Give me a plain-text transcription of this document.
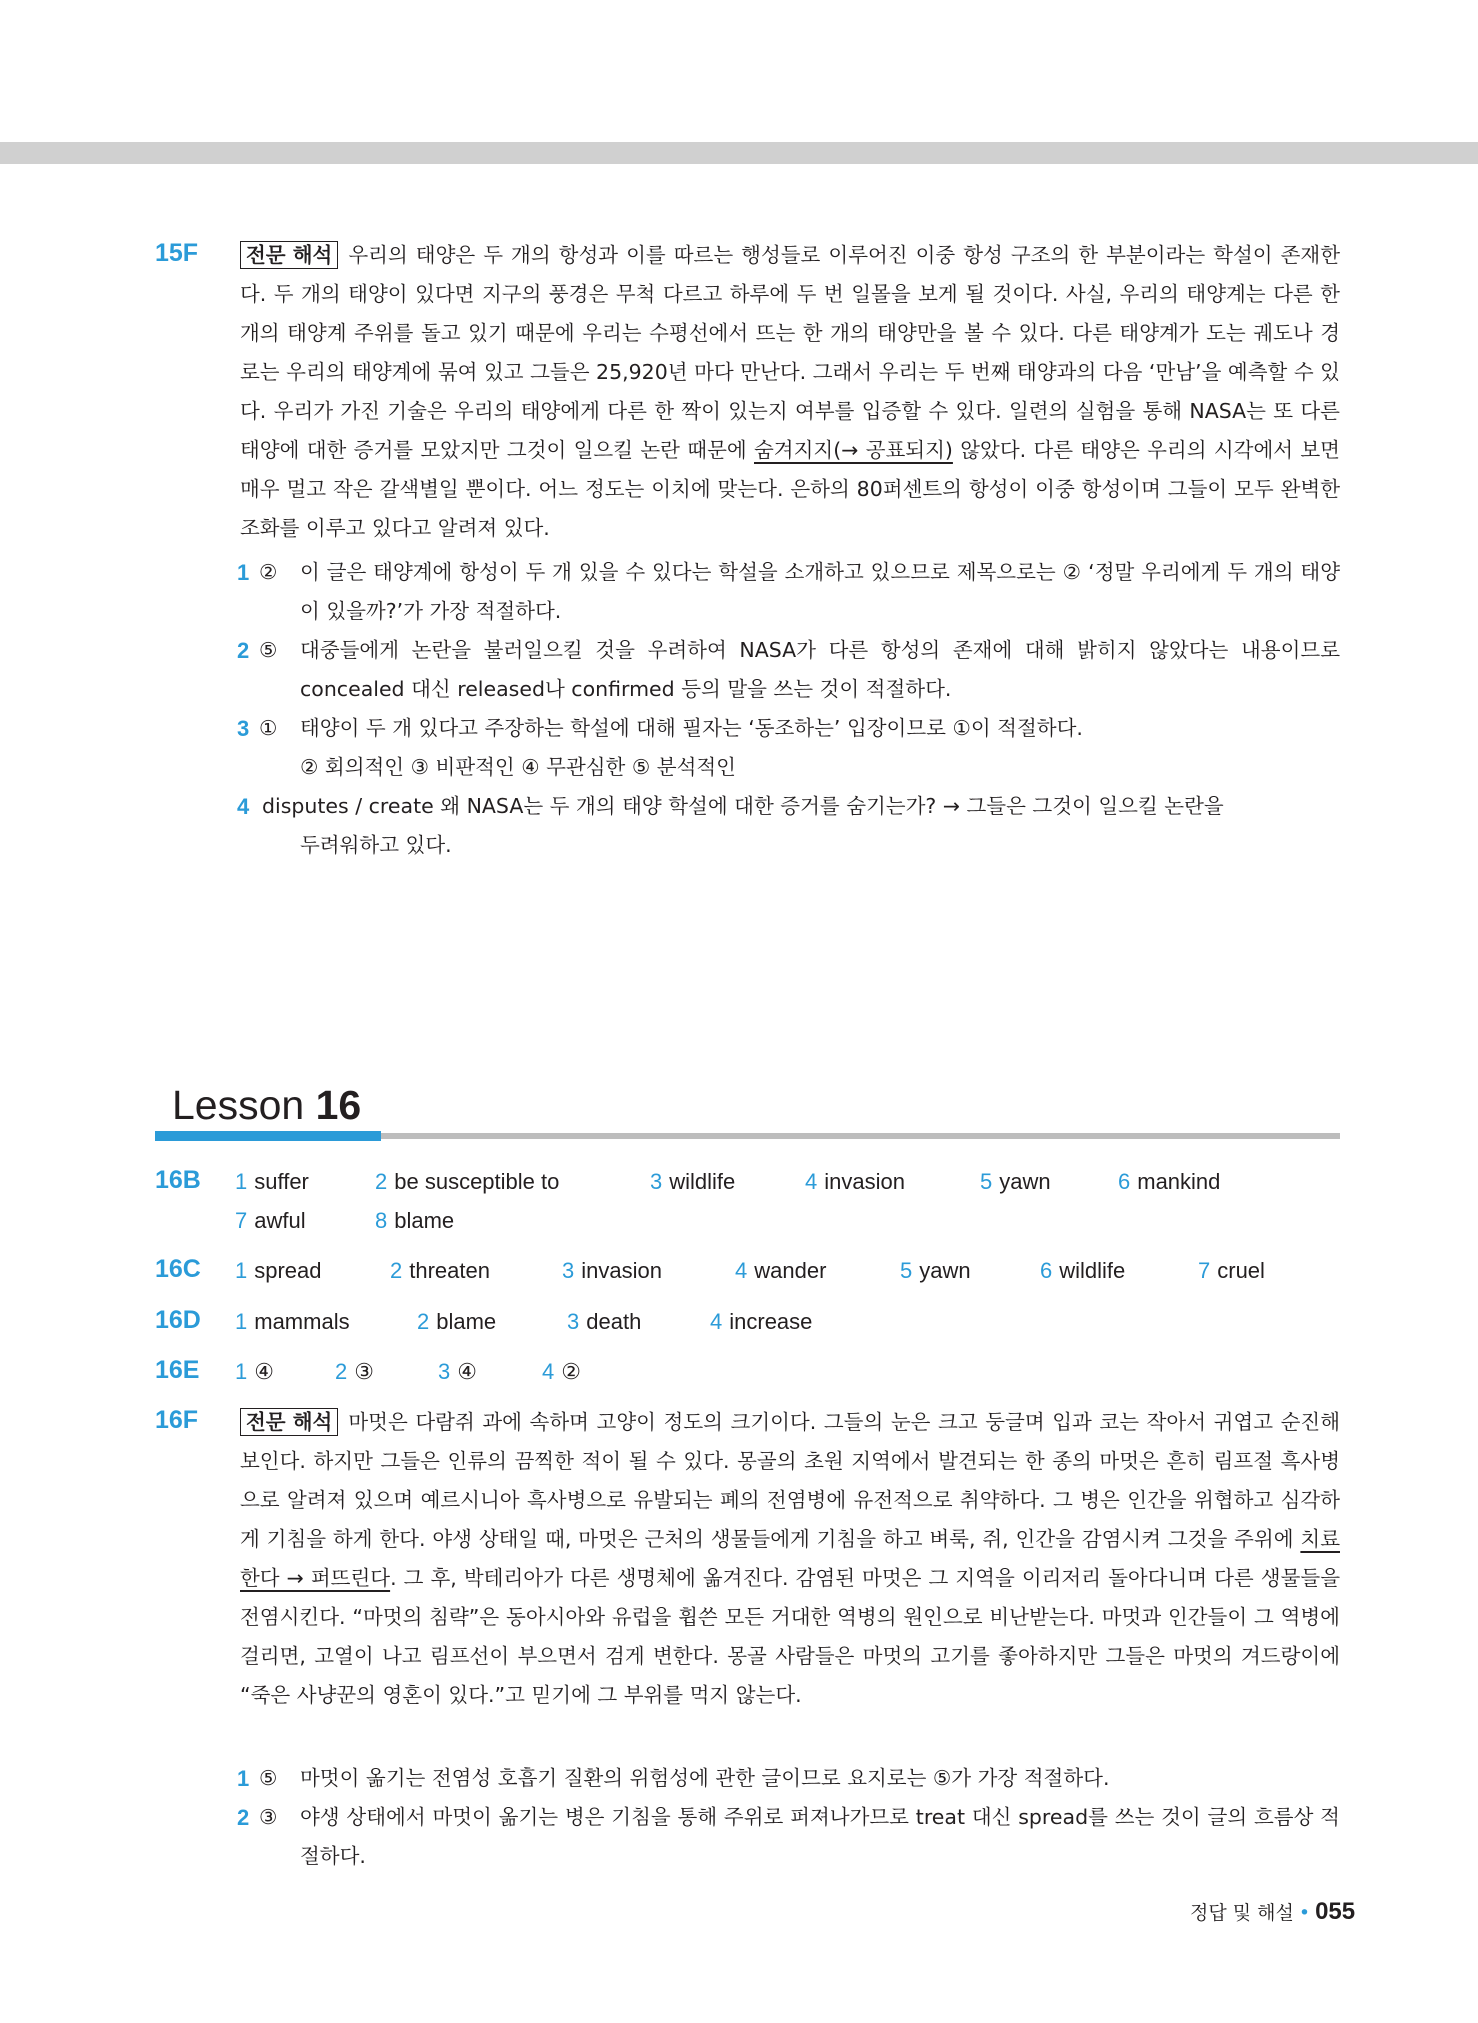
15F 전문 해석 우리의 태양은 두 개의 항성과 이를 따르는 행성들로 이루어진 이중 항성 구조의 한 부분이라는 학설이 존재한다. 두 개의 태양이 있다면 지구의 풍경은 무척 다르고 하루에 두 번 일몰을 보게 될 것이다. 사실, 우리의 태양계는 다른 한 개의 태양계 주위를 돌고 있기 때문에 우리는 수평선에서 뜨는 한 개의 태양만을 볼 수 있다. 다른 태양계가 도는 궤도나 경로는 우리의 태양계에 묶여 있고 그들은 25,920년 마다 만난다. 그래서 우리는 두 번째 태양과의 다음 ‘만남’을 예측할 수 있다. 우리가 가진 기술은 우리의 태양에게 다른 한 짝이 있는지 여부를 입증할 수 있다. 일련의 실험을 통해 NASA는 또 다른 태양에 대한 증거를 모았지만 그것이 일으킬 논란 때문에 숨겨지지(→ 공표되지) 않았다. 다른 태양은 우리의 시각에서 보면 매우 멀고 작은 갈색별일 뿐이다. 어느 정도는 이치에 맞는다. 은하의 80퍼센트의 항성이 이중 항성이며 그들이 모두 완벽한 조화를 이루고 있다고 알려져 있다.

1 ② 이 글은 태양계에 항성이 두 개 있을 수 있다는 학설을 소개하고 있으므로 제목으로는 ② ‘정말 우리에게 두 개의 태양이 있을까?’가 가장 적절하다.

2 ⑤ 대중들에게 논란을 불러일으킬 것을 우려하여 NASA가 다른 항성의 존재에 대해 밝히지 않았다는 내용이므로 concealed 대신 released나 confirmed 등의 말을 쓰는 것이 적절하다.

3 ① 태양이 두 개 있다고 주장하는 학설에 대해 필자는 ‘동조하는’ 입장이므로 ①이 적절하다.

② 회의적인 ③ 비판적인 ④ 무관심한 ⑤ 분석적인

4 disputes / create 왜 NASA는 두 개의 태양 학설에 대한 증거를 숨기는가? → 그들은 그것이 일으킬 논란을

두려워하고 있다.

Lesson 16
16B 1 suffer	2 be susceptible to	3 wildlife	4 invasion	5 yawn	6 mankind
7 awful	8 blame
16C 1 spread	2 threaten	3 invasion	4 wander	5 yawn	6 wildlife	7 cruel
16D 1 mammals	2 blame	3 death	4 increase
16E 1 ④	2 ③	3 ④	4 ②
16F 전문 해석 마멋은 다람쥐 과에 속하며 고양이 정도의 크기이다. 그들의 눈은 크고 둥글며 입과 코는 작아서 귀엽고 순진해 보인다. 하지만 그들은 인류의 끔찍한 적이 될 수 있다. 몽골의 초원 지역에서 발견되는 한 종의 마멋은 흔히 림프절 흑사병으로 알려져 있으며 예르시니아 흑사병으로 유발되는 폐의 전염병에 유전적으로 취약하다. 그 병은 인간을 위협하고 심각하게 기침을 하게 한다. 야생 상태일 때, 마멋은 근처의 생물들에게 기침을 하고 벼룩, 쥐, 인간을 감염시켜 그것을 주위에 치료한다 → 퍼뜨린다. 그 후, 박테리아가 다른 생명체에 옮겨진다. 감염된 마멋은 그 지역을 이리저리 돌아다니며 다른 생물들을 전염시킨다. “마멋의 침략”은 동아시아와 유럽을 휩쓴 모든 거대한 역병의 원인으로 비난받는다. 마멋과 인간들이 그 역병에 걸리면, 고열이 나고 림프선이 부으면서 검게 변한다. 몽골 사람들은 마멋의 고기를 좋아하지만 그들은 마멋의 겨드랑이에 “죽은 사냥꾼의 영혼이 있다.”고 믿기에 그 부위를 먹지 않는다.

1 ⑤ 마멋이 옮기는 전염성 호흡기 질환의 위험성에 관한 글이므로 요지로는 ⑤가 가장 적절하다.

2 ③ 야생 상태에서 마멋이 옮기는 병은 기침을 통해 주위로 퍼져나가므로 treat 대신 spread를 쓰는 것이 글의 흐름상 적절하다.

정답 및 해설 • 055
